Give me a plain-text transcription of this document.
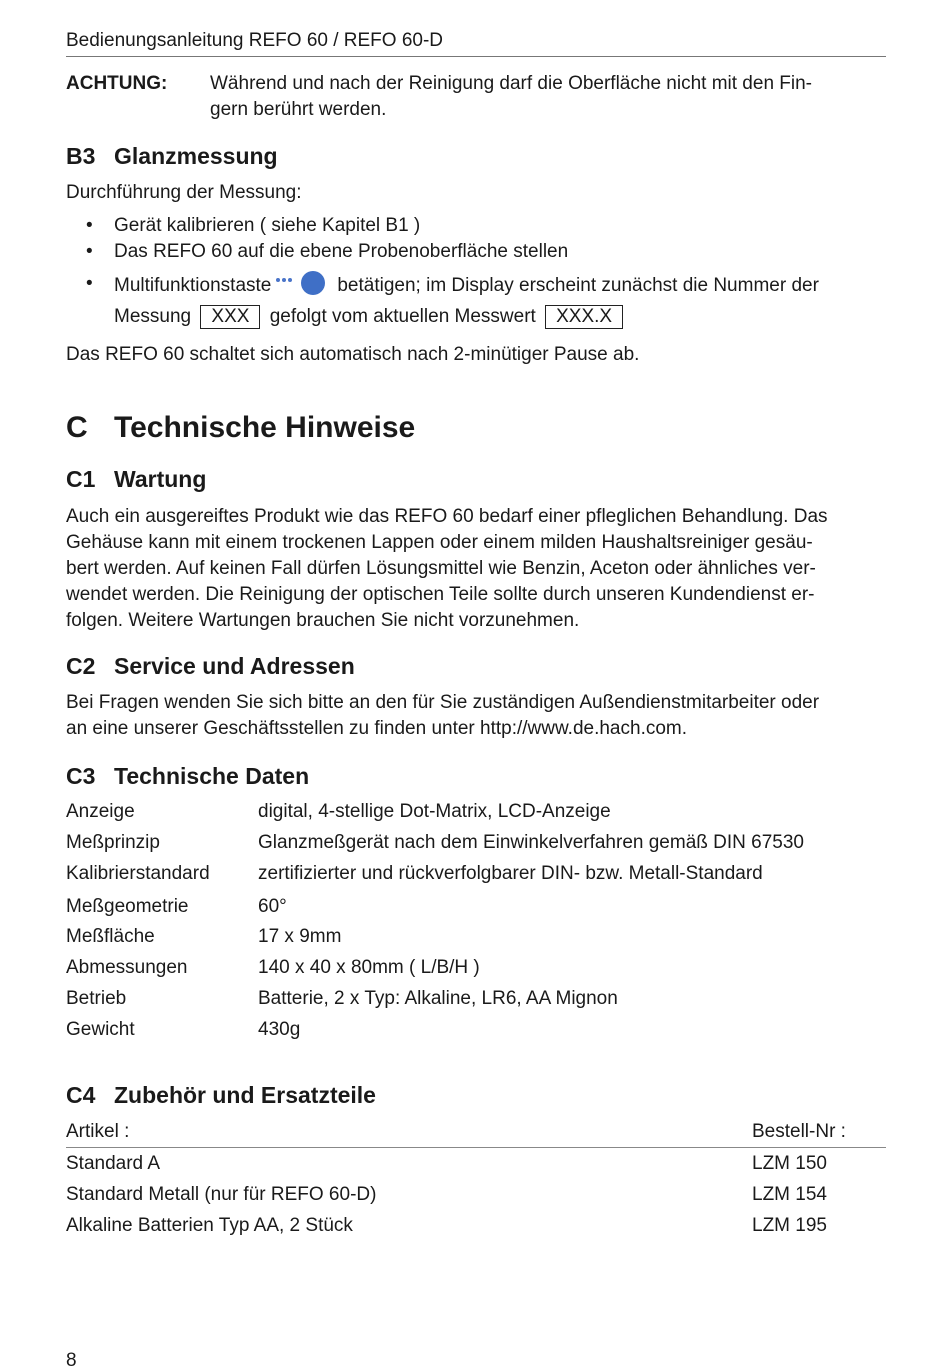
Bedienungsanleitung REFO 60 / REFO 60-D
ACHTUNG: Während und nach der Reinigung darf die Oberfläche nicht mit den Fin-
gern berührt werden.
B3 Glanzmessung
Durchführung der Messung:
• Gerät kalibrieren ( siehe Kapitel B1 )
• Das REFO 60 auf die ebene Probenoberfläche stellen
• Multifunktionstaste	betätigen; im Display erscheint zunächst die Nummer der
Messung XXX gefolgt vom aktuellen Messwert XXX.X
Das REFO 60 schaltet sich automatisch nach 2-minütiger Pause ab.
C Technische Hinweise
C1 Wartung
Auch ein ausgereiftes Produkt wie das REFO 60 bedarf einer pfleglichen Behandlung. Das
Gehäuse kann mit einem trockenen Lappen oder einem milden Haushaltsreiniger gesäu-
bert werden. Auf keinen Fall dürfen Lösungsmittel wie Benzin, Aceton oder ähnliches ver-
wendet werden. Die Reinigung der optischen Teile sollte durch unseren Kundendienst er-
folgen. Weitere Wartungen brauchen Sie nicht vorzunehmen.
C2 Service und Adressen
Bei Fragen wenden Sie sich bitte an den für Sie zuständigen Außendienstmitarbeiter oder
an eine unserer Geschäftsstellen zu finden unter http://www.de.hach.com.
C3 Technische Daten
Anzeige	digital, 4-stellige Dot-Matrix, LCD-Anzeige
Meßprinzip	Glanzmeßgerät nach dem Einwinkelverfahren gemäß DIN 67530
Kalibrierstandard	zertifizierter und rückverfolgbarer DIN- bzw. Metall-Standard
Meßgeometrie	60°
Meßfläche	17 x 9mm
Abmessungen	140 x 40 x 80mm ( L/B/H )
Betrieb	Batterie, 2 x Typ: Alkaline, LR6, AA Mignon
Gewicht	430g
C4 Zubehör und Ersatzteile
Artikel :	Bestell-Nr :
Standard A	LZM 150
Standard Metall (nur für REFO 60-D)	LZM 154
Alkaline Batterien Typ AA, 2 Stück	LZM 195
8
